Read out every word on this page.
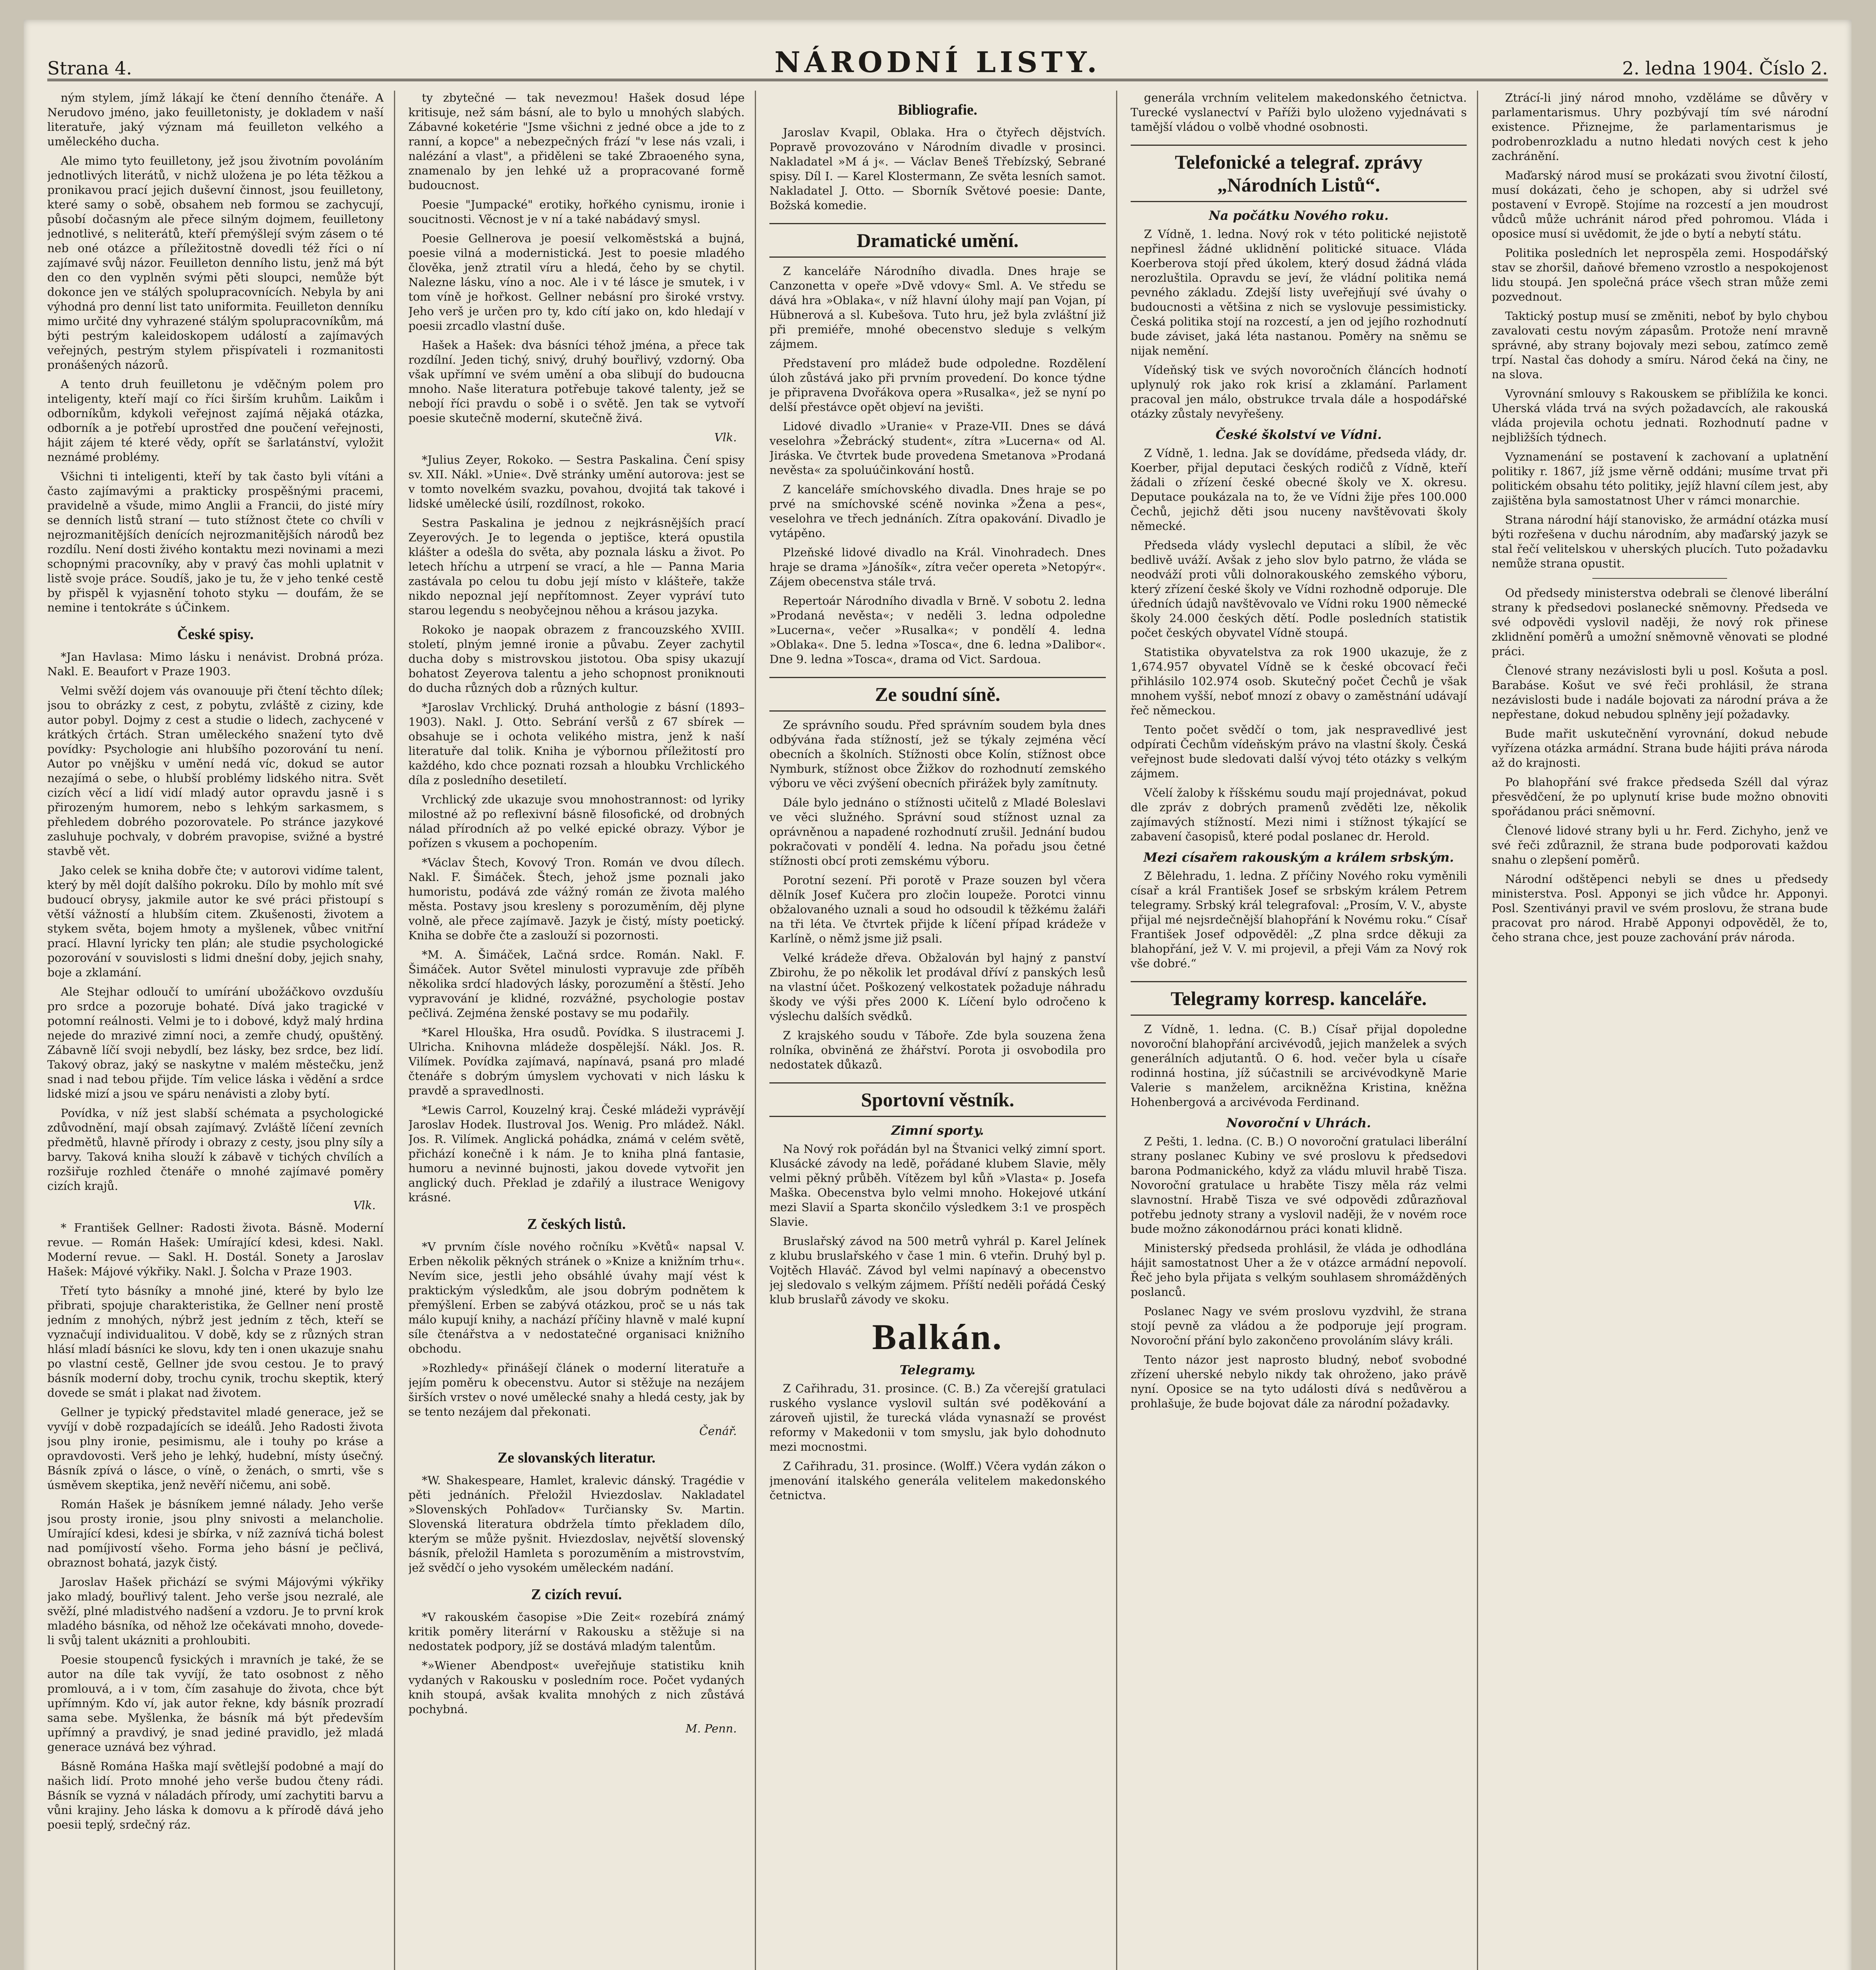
Strana 4.	NÁRODNÍ LISTY.	2. ledna 1904. Číslo 2.

ným stylem, jímž lákají ke čtení denního čtenáře. A Nerudovo jméno, jako feuilletonisty, je dokladem v naší literatuře, jaký význam má feuilleton velkého a uměleckého ducha.

Ale mimo tyto feuilletony, jež jsou životním povoláním jednotlivých literátů, v nichž uložena je po léta těžkou a pronikavou prací jejich duševní činnost, jsou feuilletony, které samy o sobě, obsahem neb formou se zachycují, působí dočasným ale přece silným dojmem, feuilletony jednotlivé, s neliterátů, kteří přemýšlejí svým zásem o té neb oné otázce a příležitostně dovedli též říci o ní zajímavé svůj názor. Feuilleton denního listu, jenž má být den co den vyplněn svými pěti sloupci, nemůže být dokonce jen ve stálých spolupracovnících. Nebyla by ani výhodná pro denní list tato uniformita. Feuilleton denníku mimo určité dny vyhrazené stálým spolupracovníkům, má býti pestrým kaleidoskopem událostí a zajímavých veřejných, pestrým stylem přispívateli i rozmanitosti pronášených názorů.

A tento druh feuilletonu je vděčným polem pro inteligenty, kteří mají co říci širším kruhům. Laikům i odborníkům, kdykoli veřejnost zajímá nějaká otázka, odborník a je potřebí uprostřed dne poučení veřejnosti, hájit zájem té které vědy, opřít se šarlatánství, vyložit neznámé problémy.

Všichni ti inteligenti, kteří by tak často byli vítáni a často zajímavými a prakticky prospěšnými pracemi, pravidelně a všude, mimo Anglii a Francii, do jisté míry se denních listů straní — tuto stížnost čtete co chvíli v nejrozmanitějších denících nejrozmanitějších národů bez rozdílu. Není dosti živého kontaktu mezi novinami a mezi schopnými pracovníky, aby v pravý čas mohli uplatnit v listě svoje práce. Soudíš, jako je tu, že v jeho tenké cestě by přispěl k vyjasnění tohoto styku — doufám, že se nemine i tentokráte s úČinkem.

České spisy.

*Jan Havlasa: Mimo lásku i nenávist. Drobná próza. Nakl. E. Beaufort v Praze 1903.

Velmi svěží dojem vás ovanouuje při čtení těchto dílek; jsou to obrázky z cest, z pobytu, zvláště z ciziny, kde autor pobyl. Dojmy z cest a studie o lidech, zachycené v krátkých črtách. Stran uměleckého snažení tyto dvě povídky: Psychologie ani hlubšího pozorování tu není. Autor po vnějšku v umění nedá víc, dokud se autor nezajímá o sebe, o hlubší problémy lidského nitra. Svět cizích věcí a lidí vidí mladý autor opravdu jasně i s přirozeným humorem, nebo s lehkým sarkasmem, s přehledem dobrého pozorovatele. Po stránce jazykové zasluhuje pochvaly, v dobrém pravopise, svižné a bystré stavbě vět.

Jako celek se kniha dobře čte; v autorovi vidíme talent, který by měl dojít dalšího pokroku. Dílo by mohlo mít své budoucí obrysy, jakmile autor ke své práci přistoupí s větší vážností a hlubším citem. Zkušenosti, životem a stykem světa, bojem hmoty a myšlenek, vůbec vnitřní prací. Hlavní lyricky ten plán; ale studie psychologické pozorování v souvislosti s lidmi dnešní doby, jejich snahy, boje a zklamání.

Ale Stejhar odloučí to umírání ubožáčkovo ovzdušíu pro srdce a pozoruje bohaté. Dívá jako tragické v potomní reálnosti. Velmi je to i dobové, když malý hrdina nejede do mrazivé zimní noci, a zemře chudý, opuštěný. Zábavně líčí svoji nebydlí, bez lásky, bez srdce, bez lidí. Takový obraz, jaký se naskytne v malém městečku, jenž snad i nad tebou přijde. Tím velice láska i vědění a srdce lidské mizí a jsou ve spáru nenávisti a zloby bytí.

Povídka, v níž jest slabší schémata a psychologické zdůvodnění, mají obsah zajímavý. Zvláště líčení zevních předmětů, hlavně přírody i obrazy z cesty, jsou plny síly a barvy. Taková kniha slouží k zábavě v tichých chvílích a rozšiřuje rozhled čtenáře o mnohé zajímavé poměry cizích krajů.

Vlk.

* František Gellner: Radosti života. Básně. Moderní revue. — Román Hašek: Umírající kdesi, kdesi. Nakl. Moderní revue. — Sakl. H. Dostál. Sonety a Jaroslav Hašek: Májové výkřiky. Nakl. J. Šolcha v Praze 1903.

Třetí tyto básníky a mnohé jiné, které by bylo lze přibrati, spojuje charakteristika, že Gellner není prostě jedním z mnohých, nýbrž jest jedním z těch, kteří se vyznačují individualitou. V době, kdy se z různých stran hlásí mladí básníci ke slovu, kdy ten i onen ukazuje snahu po vlastní cestě, Gellner jde svou cestou. Je to pravý básník moderní doby, trochu cynik, trochu skeptik, který dovede se smát i plakat nad životem.

Gellner je typický představitel mladé generace, jež se vyvíjí v době rozpadajících se ideálů. Jeho Radosti života jsou plny ironie, pesimismu, ale i touhy po kráse a opravdovosti. Verš jeho je lehký, hudební, místy úsečný. Básník zpívá o lásce, o víně, o ženách, o smrti, vše s úsměvem skeptika, jenž nevěří ničemu, ani sobě.

Román Hašek je básníkem jemné nálady. Jeho verše jsou prosty ironie, jsou plny snivosti a melancholie. Umírající kdesi, kdesi je sbírka, v níž zaznívá tichá bolest nad pomíjivostí všeho. Forma jeho básní je pečlivá, obraznost bohatá, jazyk čistý.

Jaroslav Hašek přichází se svými Májovými výkřiky jako mladý, bouřlivý talent. Jeho verše jsou nezralé, ale svěží, plné mladistvého nadšení a vzdoru. Je to první krok mladého básníka, od něhož lze očekávati mnoho, dovede-li svůj talent ukázniti a prohloubiti.

Poesie stoupenců fysických i mravních je také, že se autor na díle tak vyvíjí, že tato osobnost z něho promlouvá, a i v tom, čím zasahuje do života, chce být upřímným. Kdo ví, jak autor řekne, kdy básník prozradí sama sebe. Myšlenka, že básník má být především upřímný a pravdivý, je snad jediné pravidlo, jež mladá generace uznává bez výhrad.

Básně Románа Haška mají světlejší podobné a mají do našich lidí. Proto mnohé jeho verše budou čteny rádi. Básník se vyzná v náladách přírody, umí zachytiti barvu a vůni krajiny. Jeho láska k domovu a k přírodě dává jeho poesii teplý, srdečný ráz.

ty zbytečné — tak nevezmou! Hašek dosud lépe kritisuje, než sám básní, ale to bylo u mnohých slabých. Zábavné koketérie "Jsme všichni z jedné obce a jde to z ranní, a kopce" a nebezpečných frází "v lese nás vzali, i nalézání a vlast", a přiděleni se také Zbraoeného syna, znamenalo by jen lehké už a propracované formě budoucnost.

Poesie "Jumpacké" erotiky, hořkého cynismu, ironie i soucitnosti. Věcnost je v ní a také nabádavý smysl.

Poesie Gellnerova je poesií velkoměstská a bujná, poesie vilná a modernistická. Jest to poesie mladého člověka, jenž ztratil víru a hledá, čeho by se chytil. Nalezne lásku, víno a noc. Ale i v té lásce je smutek, i v tom víně je hořkost. Gellner nebásní pro široké vrstvy. Jeho verš je určen pro ty, kdo cítí jako on, kdo hledají v poesii zrcadlo vlastní duše.

Hašek a Hašek: dva básníci téhož jména, a přece tak rozdílní. Jeden tichý, snivý, druhý bouřlivý, vzdorný. Oba však upřímní ve svém umění a oba slibují do budoucna mnoho. Naše literatura potřebuje takové talenty, jež se nebojí říci pravdu o sobě i o světě. Jen tak se vytvoří poesie skutečně moderní, skutečně živá.

Vlk.

*Julius Zeyer, Rokoko. — Sestra Paskalina. Čení spisy sv. XII. Nákl. »Unie«. Dvě stránky umění autorova: jest se v tomto novelkém svazku, povahou, dvojitá tak takové i lidské umělecké úsilí, rozdílnost, rokoko.

Sestra Paskalina je jednou z nejkrásnějších prací Zeyerových. Je to legenda o jeptišce, která opustila klášter a odešla do světa, aby poznala lásku a život. Po letech hříchu a utrpení se vrací, a hle — Panna Maria zastávala po celou tu dobu její místo v klášteře, takže nikdo nepoznal její nepřítomnost. Zeyer vypráví tuto starou legendu s neobyčejnou něhou a krásou jazyka.

Rokoko je naopak obrazem z francouzského XVIII. století, plným jemné ironie a půvabu. Zeyer zachytil ducha doby s mistrovskou jistotou. Oba spisy ukazují bohatost Zeyerova talentu a jeho schopnost proniknouti do ducha různých dob a různých kultur.

*Jaroslav Vrchlický. Druhá anthologie z básní (1893–1903). Nakl. J. Otto. Sebrání veršů z 67 sbírek — obsahuje se i ochota velikého mistra, jenž k naší literatuře dal tolik. Kniha je výbornou příležitostí pro každého, kdo chce poznati rozsah a hloubku Vrchlického díla z posledního desetiletí.

Vrchlický zde ukazuje svou mnohostrannost: od lyriky milostné až po reflexivní básně filosofické, od drobných nálad přírodních až po velké epické obrazy. Výbor je pořízen s vkusem a pochopením.

*Václav Štech, Kovový Tron. Román ve dvou dílech. Nakl. F. Šimáček. Štech, jehož jsme poznali jako humoristu, podává zde vážný román ze života malého města. Postavy jsou kresleny s porozuměním, děj plyne volně, ale přece zajímavě. Jazyk je čistý, místy poetický. Kniha se dobře čte a zaslouží si pozornosti.

*M. A. Šimáček, Lačná srdce. Román. Nakl. F. Šimáček. Autor Světel minulosti vypravuje zde příběh několika srdcí hladových lásky, porozumění a štěstí. Jeho vypravování je klidné, rozvážné, psychologie postav pečlivá. Zejména ženské postavy se mu podařily.

*Karel Hlouška, Hra osudů. Povídka. S ilustracemi J. Ulricha. Knihovna mládeže dospělejší. Nákl. Jos. R. Vilímek. Povídka zajímavá, napínavá, psaná pro mladé čtenáře s dobrým úmyslem vychovati v nich lásku k pravdě a spravedlnosti.

*Lewis Carrol, Kouzelný kraj. České mládeži vyprávějí Jaroslav Hodek. Ilustroval Jos. Wenig. Pro mládež. Nákl. Jos. R. Vilímek. Anglická pohádka, známá v celém světě, přichází konečně i k nám. Je to kniha plná fantasie, humoru a nevinné bujnosti, jakou dovede vytvořit jen anglický duch. Překlad je zdařilý a ilustrace Wenigovy krásné.

Z českých listů.

*V prvním čísle nového ročníku »Květů« napsal V. Erben několik pěkných stránek o »Knize a knižním trhu«. Nevím sice, jestli jeho obsáhlé úvahy mají vést k praktickým výsledkům, ale jsou dobrým podnětem k přemýšlení. Erben se zabývá otázkou, proč se u nás tak málo kupují knihy, a nachází příčiny hlavně v malé kupní síle čtenářstva a v nedostatečné organisaci knižního obchodu.

»Rozhledy« přinášejí článek o moderní literatuře a jejím poměru k obecenstvu. Autor si stěžuje na nezájem širších vrstev o nové umělecké snahy a hledá cesty, jak by se tento nezájem dal překonati.

Čenář.
Ze slovanských literatur.

*W. Shakespeare, Hamlet, kralevic dánský. Tragédie v pěti jednáních. Přeložil Hviezdoslav. Nakladatel »Slovenských Pohľadov« Turčiansky Sv. Martin. Slovenská literatura obdržela tímto překladem dílo, kterým se může pyšnit. Hviezdoslav, největší slovenský básník, přeložil Hamleta s porozuměním a mistrovstvím, jež svědčí o jeho vysokém uměleckém nadání.

Z cizích revuí.

*V rakouském časopise »Die Zeit« rozebírá známý kritik poměry literární v Rakousku a stěžuje si na nedostatek podpory, jíž se dostává mladým talentům.

*»Wiener Abendpost« uveřejňuje statistiku knih vydaných v Rakousku v posledním roce. Počet vydaných knih stoupá, avšak kvalita mnohých z nich zůstává pochybná.

M. Penn.
Bibliografie.

Jaroslav Kvapil, Oblaka. Hra o čtyřech dějstvích. Popravě provozováno v Národním divadle v prosinci. Nakladatel »M á j«. — Václav Beneš Třebízský, Sebrané spisy. Díl I. — Karel Klostermann, Ze světa lesních samot. Nakladatel J. Otto. — Sborník Světové poesie: Dante, Božská komedie.

Dramatické umění.

Z kanceláře Národního divadla. Dnes hraje se Canzonetta v opeře »Dvě vdovy« Sml. A. Ve středu se dává hra »Oblaka«, v níž hlavní úlohy mají pan Vojan, pí Hübnerová a sl. Kubešova. Tuto hru, jež byla zvláštní již při premiéře, mnohé obecenstvo sleduje s velkým zájmem.

Představení pro mládež bude odpoledne. Rozdělení úloh zůstává jako při prvním provedení. Do konce týdne je připravena Dvořákova opera »Rusalka«, jež se nyní po delší přestávce opět objeví na jevišti.

Lidové divadlo »Uranie« v Praze-VII. Dnes se dává veselohra »Žebrácký student«, zítra »Lucerna« od Al. Jiráska. Ve čtvrtek bude provedena Smetanova »Prodaná nevěsta« za spoluúčinkování hostů.

Z kanceláře smíchovského divadla. Dnes hraje se po prvé na smíchovské scéně novinka »Žena a pes«, veselohra ve třech jednáních. Zítra opakování. Divadlo je vytápěno.

Plzeňské lidové divadlo na Král. Vinohradech. Dnes hraje se drama »Jánošík«, zítra večer opereta »Netopýr«. Zájem obecenstva stále trvá.

Repertoár Národního divadla v Brně. V sobotu 2. ledna »Prodaná nevěsta«; v neděli 3. ledna odpoledne »Lucerna«, večer »Rusalka«; v pondělí 4. ledna »Oblaka«. Dne 5. ledna »Tosca«, dne 6. ledna »Dalibor«. Dne 9. ledna »Tosca«, drama od Vict. Sardoua.

Ze soudní síně.

Ze správního soudu. Před správním soudem byla dnes odbývána řada stížností, jež se týkaly zejména věcí obecních a školních. Stížnosti obce Kolín, stížnost obce Nymburk, stížnost obce Žižkov do rozhodnutí zemského výboru ve věci zvýšení obecních přirážek byly zamítnuty.

Dále bylo jednáno o stížnosti učitelů z Mladé Boleslavi ve věci služného. Správní soud stížnost uznal za oprávněnou a napadené rozhodnutí zrušil. Jednání budou pokračovati v pondělí 4. ledna. Na pořadu jsou četné stížnosti obcí proti zemskému výboru.

Porotní sezení. Při porotě v Praze souzen byl včera dělník Josef Kučera pro zločin loupeže. Porotci vinnu obžalovaného uznali a soud ho odsoudil k těžkému žaláři na tři léta. Ve čtvrtek přijde k líčení případ krádeže v Karlíně, o němž jsme již psali.

Velké krádeže dřeva. Obžalován byl hajný z panství Zbirohu, že po několik let prodával dříví z panských lesů na vlastní účet. Poškozený velkostatek požaduje náhradu škody ve výši přes 2000 K. Líčení bylo odročeno k výslechu dalších svědků.

Z krajského soudu v Táboře. Zde byla souzena žena rolníka, obviněná ze žhářství. Porota ji osvobodila pro nedostatek důkazů.

Sportovní věstník.
Zimní sporty.

Na Nový rok pořádán byl na Štvanici velký zimní sport. Klusácké závody na ledě, pořádané klubem Slavie, měly velmi pěkný průběh. Vítězem byl kůň »Vlasta« p. Josefa Maška. Obecenstva bylo velmi mnoho. Hokejové utkání mezi Slavií a Sparta skončilo výsledkem 3:1 ve prospěch Slavie.

Bruslařský závod na 500 metrů vyhrál p. Karel Jelínek z klubu bruslařského v čase 1 min. 6 vteřin. Druhý byl p. Vojtěch Hlaváč. Závod byl velmi napínavý a obecenstvo jej sledovalo s velkým zájmem. Příští neděli pořádá Český klub bruslařů závody ve skoku.

Balkán.
Telegramy.

Z Cařihradu, 31. prosince. (C. B.) Za včerejší gratulaci ruského vyslance vyslovil sultán své poděkování a zároveň ujistil, že turecká vláda vynasnaží se provést reformy v Makedonii v tom smyslu, jak bylo dohodnuto mezi mocnostmi.

Z Cařihradu, 31. prosince. (Wolff.) Včera vydán zákon o jmenování italského generála velitelem makedonského četnictva.

generála vrchním velitelem makedonského četnictva. Turecké vyslanectví v Paříži bylo uloženo vyjednávati s tamější vládou o volbě vhodné osobnosti.

Telefonické a telegraf. zprávy „Národních Listů“.
Na počátku Nového roku.

Z Vídně, 1. ledna. Nový rok v této politické nejistotě nepřinesl žádné uklidnění politické situace. Vláda Koerberova stojí před úkolem, který dosud žádná vláda nerozluštila. Opravdu se jeví, že vládní politika nemá pevného základu. Zdejší listy uveřejňují své úvahy o budoucnosti a většina z nich se vyslovuje pessimisticky. Česká politika stojí na rozcestí, a jen od jejího rozhodnutí bude záviset, jaká léta nastanou. Poměry na sněmu se nijak nemění.

Vídeňský tisk ve svých novoročních článcích hodnotí uplynulý rok jako rok krisí a zklamání. Parlament pracoval jen málo, obstrukce trvala dále a hospodářské otázky zůstaly nevyřešeny.

České školství ve Vídni.

Z Vídně, 1. ledna. Jak se dovídáme, předseda vlády, dr. Koerber, přijal deputaci českých rodičů z Vídně, kteří žádali o zřízení české obecné školy ve X. okresu. Deputace poukázala na to, že ve Vídni žije přes 100.000 Čechů, jejichž děti jsou nuceny navštěvovati školy německé.

Předseda vlády vyslechl deputaci a slíbil, že věc bedlivě uváží. Avšak z jeho slov bylo patrno, že vláda se neodváží proti vůli dolnorakouského zemského výboru, který zřízení české školy ve Vídni rozhodně odporuje. Dle úředních údajů navštěvovalo ve Vídni roku 1900 německé školy 24.000 českých dětí. Podle posledních statistik počet českých obyvatel Vídně stoupá.

Statistika obyvatelstva za rok 1900 ukazuje, že z 1,674.957 obyvatel Vídně se k české obcovací řeči přihlásilo 102.974 osob. Skutečný počet Čechů je však mnohem vyšší, neboť mnozí z obavy o zaměstnání udávají řeč německou.

Tento počet svědčí o tom, jak nespravedlivé jest odpírati Čechům vídeňským právo na vlastní školy. Česká veřejnost bude sledovati další vývoj této otázky s velkým zájmem.

Včelí žaloby k říšskému soudu mají projednávat, pokud dle zpráv z dobrých pramenů zvěděti lze, několik zajímavých stížností. Mezi nimi i stížnost týkající se zabavení časopisů, které podal poslanec dr. Herold.

Mezi císařem rakouským a králem srbským.

Z Bělehradu, 1. ledna. Z příčiny Nového roku vyměnili císař a král František Josef se srbským králem Petrem telegramy. Srbský král telegrafoval: „Prosím, V. V., abyste přijal mé nejsrdečnější blahopřání k Novému roku.“ Císař František Josef odpověděl: „Z plna srdce děkuji za blahopřání, jež V. V. mi projevil, a přeji Vám za Nový rok vše dobré.“

Telegramy korresp. kanceláře.

Z Vídně, 1. ledna. (C. B.) Císař přijal dopoledne novoroční blahopřání arcivévodů, jejich manželek a svých generálních adjutantů. O 6. hod. večer byla u císaře rodinná hostina, jíž súčastnili se arcivévodkyně Marie Valerie s manželem, arcikněžna Kristina, kněžna Hohenbergová a arcivévoda Ferdinand.

Novoroční v Uhrách.

Z Pešti, 1. ledna. (C. B.) O novoroční gratulaci liberální strany poslanec Kubiny ve své proslovu k předsedovi barona Podmanického, když za vládu mluvil hrabě Tisza. Novoroční gratulace u hraběte Tiszy měla ráz velmi slavnostní. Hrabě Tisza ve své odpovědi zdůrazňoval potřebu jednoty strany a vyslovil naději, že v novém roce bude možno zákonodárnou práci konati klidně.

Ministerský předseda prohlásil, že vláda je odhodlána hájit samostatnost Uher a že v otázce armádní nepovolí. Řeč jeho byla přijata s velkým souhlasem shromážděných poslanců.

Poslanec Nagy ve svém proslovu vyzdvihl, že strana stojí pevně za vládou a že podporuje její program. Novoroční přání bylo zakončeno provoláním slávy králi.

Tento názor jest naprosto bludný, neboť svobodné zřízení uherské nebylo nikdy tak ohroženo, jako právě nyní. Oposice se na tyto události dívá s nedůvěrou a prohlašuje, že bude bojovat dále za národní požadavky.

Ztrácí-li jiný národ mnoho, vzděláme se důvěry v parlamentarismus. Uhry pozbývají tím své národní existence. Přiznejme, že parlamentarismus je podrobenrozkladu a nutno hledati nových cest k jeho zachránění.

Maďarský národ musí se prokázati svou životní čilostí, musí dokázati, čeho je schopen, aby si udržel své postavení v Evropě. Stojíme na rozcestí a jen moudrost vůdců může uchránit národ před pohromou. Vláda i oposice musí si uvědomit, že jde o bytí a nebytí státu.

Politika posledních let neprospěla zemi. Hospodářský stav se zhoršil, daňové břemeno vzrostlo a nespokojenost lidu stoupá. Jen společná práce všech stran může zemi pozvednout.

Taktický postup musí se změniti, neboť by bylo chybou zavalovati cestu novým zápasům. Protože není mravně správné, aby strany bojovaly mezi sebou, zatímco země trpí. Nastal čas dohody a smíru. Národ čeká na činy, ne na slova.

Vyrovnání smlouvy s Rakouskem se přiblížila ke konci. Uherská vláda trvá na svých požadavcích, ale rakouská vláda projevila ochotu jednati. Rozhodnutí padne v nejbližších týdnech.

Vyznamenání se postavení k zachovaní a uplatnění politiky r. 1867, jíž jsme věrně oddáni; musíme trvat při politickém obsahu této politiky, jejíž hlavní cílem jest, aby zajištěna byla samostatnost Uher v rámci monarchie.

Strana národní hájí stanovisko, že armádní otázka musí býti rozřešena v duchu národním, aby maďarský jazyk se stal řečí velitelskou v uherských plucích. Tuto požadavku nemůže strana opustit.

Od předsedy ministerstva odebrali se členové liberální strany k předsedovi poslanecké sněmovny. Předseda ve své odpovědi vyslovil naději, že nový rok přinese zklidnění poměrů a umožní sněmovně věnovati se plodné práci.

Členové strany nezávislosti byli u posl. Košuta a posl. Barabáse. Košut ve své řeči prohlásil, že strana nezávislosti bude i nadále bojovati za národní práva a že nepřestane, dokud nebudou splněny její požadavky.

Bude mařit uskutečnění vyrovnání, dokud nebude vyřízena otázka armádní. Strana bude hájiti práva národa až do krajnosti.

Po blahopřání své frakce předseda Széll dal výraz přesvědčení, že po uplynutí krise bude možno obnoviti spořádanou práci sněmovní.

Členové lidové strany byli u hr. Ferd. Zichyho, jenž ve své řeči zdůraznil, že strana bude podporovati každou snahu o zlepšení poměrů.

Národní odštěpenci nebyli se dnes u předsedy ministerstva. Posl. Apponyi se jich vůdce hr. Apponyi. Posl. Szentiványi pravil ve svém proslovu, že strana bude pracovat pro národ. Hrabě Apponyi odpověděl, že to, čeho strana chce, jest pouze zachování práv národa.
